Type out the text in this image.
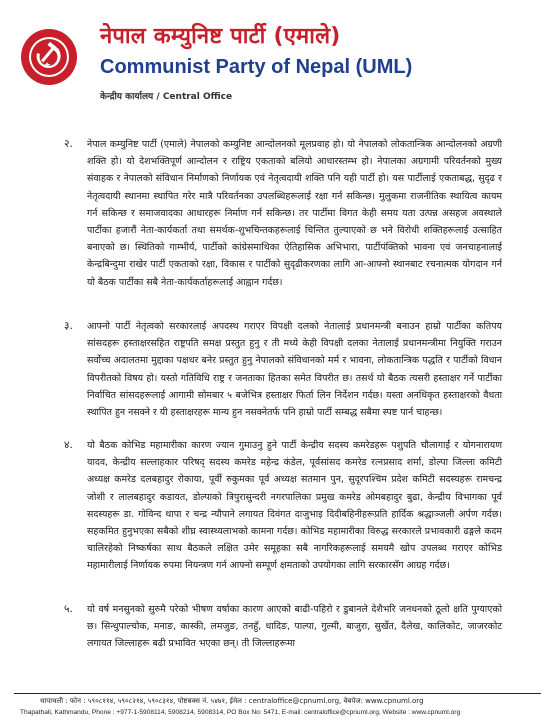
नेपाल कम्युनिष्ट पार्टी (एमाले)
Communist Party of Nepal (UML)
केन्द्रीय कार्यालय / Central Office
२. नेपाल कम्युनिष्ट पार्टी (एमाले) नेपालको कम्युनिष्ट आन्दोलनको मूलप्रवाह हो। यो नेपालको लोकतान्त्रिक आन्दोलनको अग्रणी शक्ति हो। यो देशभक्तिपूर्ण आन्दोलन र राष्ट्रिय एकताको बलियो आधारस्तम्भ हो। नेपालका अग्रगामी परिवर्तनको मुख्य संवाहक र नेपालको संविधान निर्माणको निर्णायक एवं नेतृत्वदायी शक्ति पनि यही पार्टी हो। यस पार्टीलाई एकताबद्ध, सुदृढ र नेतृत्वदायी स्थानमा स्थापित गरेर मात्रै परिवर्तनका उपलब्धिहरूलाई रक्षा गर्न सकिन्छ। मुलुकमा राजनीतिक स्थायित्व कायम गर्न सकिन्छ र समाजवादका आधारहरू निर्माण गर्न सकिन्छ। तर पार्टीमा विगत केही समय यता उत्पन्न असहज अवस्थाले पार्टीका हजारौं नेता-कार्यकर्ता तथा समर्थक-शुभचिन्तकहरूलाई चिन्तित तुल्याएको छ भने विरोधी शक्तिहरूलाई उत्साहित बनाएको छ। स्थितिको गाम्भीर्य, पार्टीको कांग्रेसमाथिका ऐतिहासिक अभिभारा, पार्टीपंक्तिको भावना एवं जनचाहनालाई केन्द्रबिन्दुमा राखेर पार्टी एकताको रक्षा, विकास र पार्टीको सुदृढीकरणका लागि आ-आफ्नो स्थानबाट रचनात्मक योगदान गर्न यो बैठक पार्टीका सबै नेता-कार्यकर्ताहरूलाई आह्वान गर्दछ।
३. आफ्नो पार्टी नेतृत्वको सरकारलाई अपदस्थ गराएर विपक्षी दलको नेतालाई प्रधानमन्त्री बनाउन हाम्रो पार्टीका कतिपय सांसदहरू हस्ताक्षरसहित राष्ट्रपति समक्ष प्रस्तुत हुनु र ती मध्ये केही विपक्षी दलका नेतालाई प्रधानमन्त्रीमा नियुक्ति गराउन सर्वोच्च अदालतमा मुद्दाका पक्षधर बनेर प्रस्तुत हुनु नेपालको संविधानको मर्म र भावना, लोकतान्त्रिक पद्धति र पार्टीको विधान विपरीतको विषय हो। यस्तो गतिविधि राष्ट्र र जनताका हितका समेत विपरीत छ। तसर्थ यो बैठक त्यसरी हस्ताक्षर गर्ने पार्टीका निर्वाचित सांसदहरूलाई आगामी सोमबार ५ बजेभित्र हस्ताक्षर फिर्ता लिन निर्देशन गर्दछ। यस्ता अनधिकृत हस्ताक्षरको वैधता स्थापित हुन नसक्ने र यी हस्ताक्षरहरू मान्य हुन नसक्नेतर्फ पनि हाम्रो पार्टी सम्बद्ध सबैमा स्पष्ट पार्न चाहन्छ।
४. यो बैठक कोभिड महामारीका कारण ज्यान गुमाउनु हुने पार्टी केन्द्रीय सदस्य कमरेडहरू पशुपति चौलागाईं र योगनारायण यादव, केन्द्रीय सल्लाहकार परिषद् सदस्य कमरेड महेन्द्र कंडेल, पूर्वसांसद कमरेड रत्नप्रसाद शर्मा, डोल्पा जिल्ला कमिटी अध्यक्ष कमरेड दलबहादुर रोकाया, पूर्वी रुकुमका पूर्व अध्यक्ष सतमान पुन, सुदूरपश्चिम प्रदेश कमिटी सदस्यहरू रामचन्द्र जोशी र लालबहादुर कडायत, डोल्पाको त्रिपुरासुन्दरी नगरपालिका प्रमुख कमरेड ओमबहादुर बुढा, केन्द्रीय विभागका पूर्व सदस्यहरू डा. गोविन्द थापा र चन्द्र न्यौपाने लगायत दिवंगत दाजुभाइ दिदीबहिनीहरूप्रति हार्दिक श्रद्धाञ्जली अर्पण गर्दछ। सहकमित हुनुभएका सबैको शीघ्र स्वास्थ्यलाभको कामना गर्दछ। कोभिड महामारीका विरुद्ध सरकारले प्रभावकारी ढङ्गले कदम चालिरहेको निष्कर्षका साथ बैठकले लक्षित उमेर समूहका सबै नागरिकहरूलाई समयमै खोप उपलब्ध गराएर कोभिड महामारीलाई निर्णायक रुपमा नियन्त्रण गर्न आफ्नो सम्पूर्ण क्षमताको उपयोगका लागि सरकारसँग आग्रह गर्दछ।
५. यो वर्ष मनसुनको सुरुमै परेको भीषण वर्षाका कारण आएको बाढी-पहिरो र डुबानले देशैभरि जनधनको ठूलो क्षति पुग्याएको छ। सिन्धुपाल्चोक, मनाङ, कास्की, लमजुङ, तनहुँ, धादिङ, पाल्पा, गुल्मी, बाजुरा, सुर्खेत, दैलेख, कालिकोट, जाजरकोट लगायत जिल्लाहरू बढी प्रभावित भएका छन्। ती जिल्लाहरूमा
थापाथली : फोन : ५९०८११४, ५९०८२१४, ५९०८३१४, पोष्टबक्स नं. ५४७१, ईमेल : centraloffice@cpnuml.org, वेबपेज: www.cpnuml.org
Thapathali, Kathmandu, Phone : +977-1-5908114, 5908214, 5908314, PO Box No: 5471, E-mail: centraloffice@cpnuml.org, Website : www.cpnuml.org
